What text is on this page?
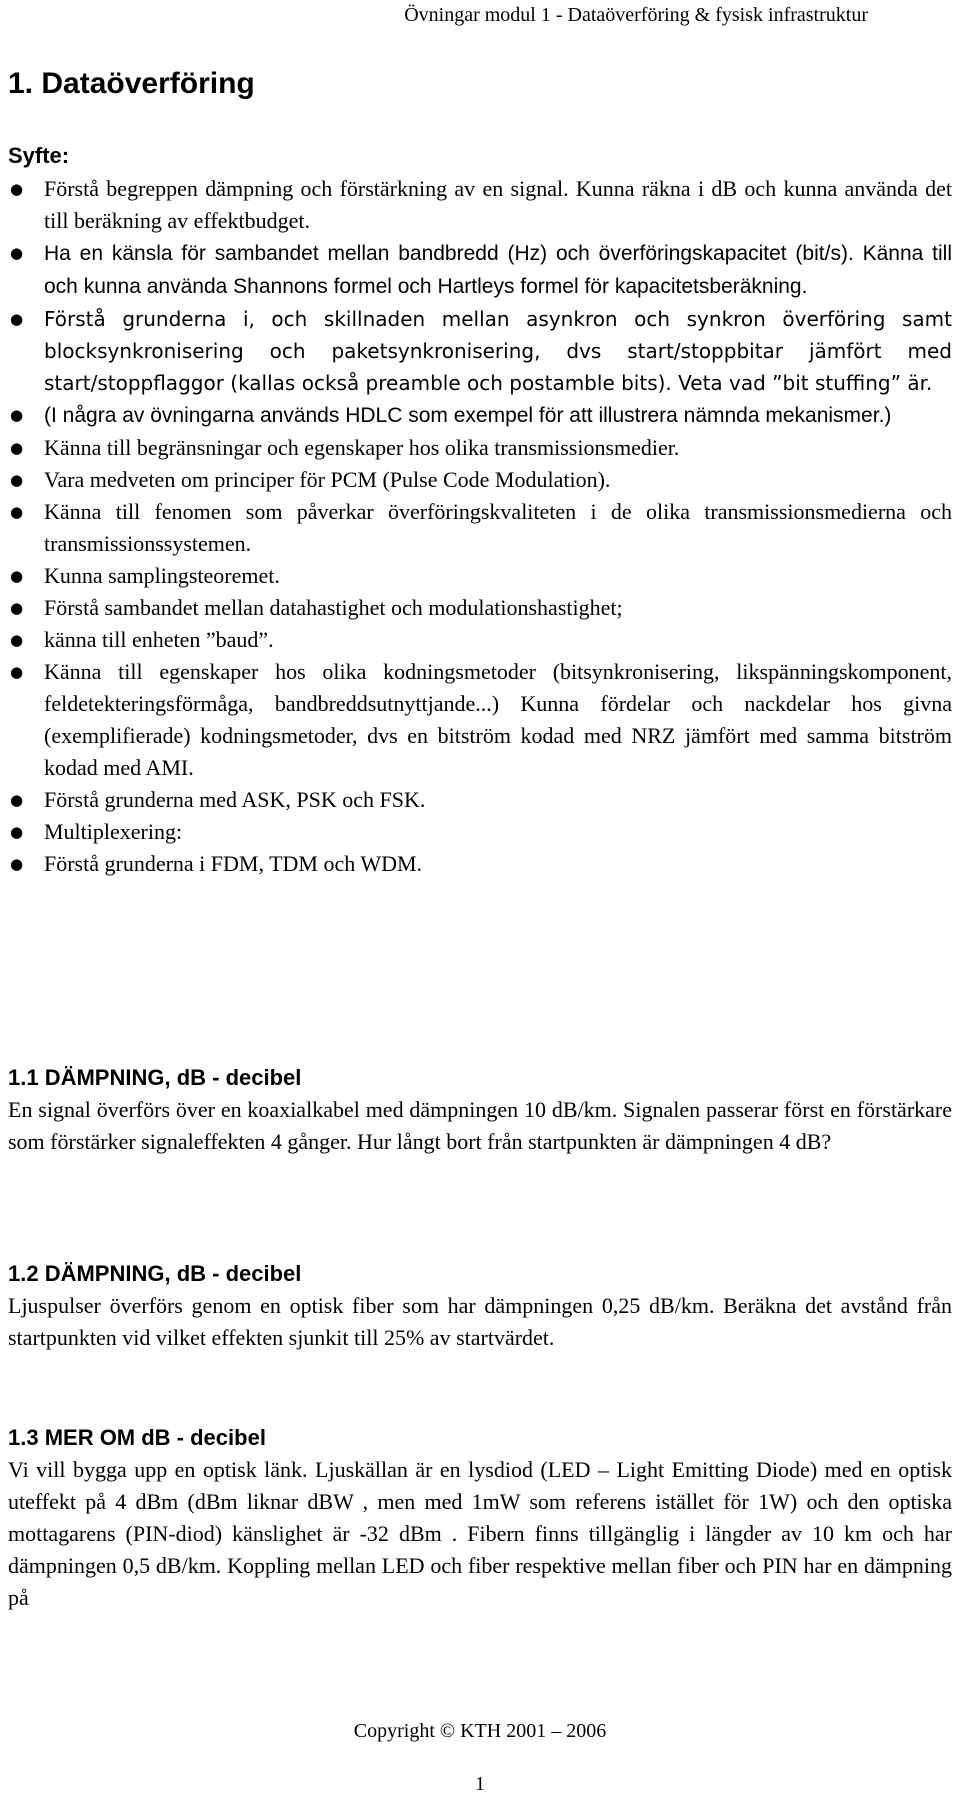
Övningar modul 1 - Dataöverföring & fysisk infrastruktur
1. Dataöverföring
Syfte:
● Förstå begreppen dämpning och förstärkning av en signal. Kunna räkna i dB och kunna använda det till beräkning av effektbudget.
● Ha en känsla för sambandet mellan bandbredd (Hz) och överföringskapacitet (bit/s). Känna till och kunna använda Shannons formel och Hartleys formel för kapacitetsberäkning.
●	Förstå grunderna i, och skillnaden mellan asynkron och synkron överföring samt blocksynkronisering och paketsynkronisering, dvs start/stoppbitar jämfört med start/stoppflaggor (kallas också preamble och postamble bits). Veta vad ”bit stuffing” är.
● (I några av övningarna används HDLC som exempel för att illustrera nämnda mekanismer.)
● Känna till begränsningar och egenskaper hos olika transmissionsmedier.
● Vara medveten om principer för PCM (Pulse Code Modulation).
● Känna till fenomen som påverkar överföringskvaliteten i de olika transmissionsmedierna och transmissionssystemen.
● Kunna samplingsteoremet.
● Förstå sambandet mellan datahastighet och modulationshastighet;
● känna till enheten ”baud”.
● Känna till egenskaper hos olika kodningsmetoder (bitsynkronisering, likspänningskomponent, feldetekteringsförmåga, bandbreddsutnyttjande...) Kunna fördelar och nackdelar hos givna (exemplifierade) kodningsmetoder, dvs en bitström kodad med NRZ jämfört med samma bitström kodad med AMI.
● Förstå grunderna med ASK, PSK och FSK.
● Multiplexering:
● Förstå grunderna i FDM, TDM och WDM.
1.1 DÄMPNING, dB - decibel
En signal överförs över en koaxialkabel med dämpningen 10 dB/km. Signalen passerar först en förstärkare som förstärker signaleffekten 4 gånger. Hur långt bort från startpunkten är dämpningen 4 dB?
1.2 DÄMPNING, dB - decibel
Ljuspulser överförs genom en optisk fiber som har dämpningen 0,25 dB/km. Beräkna det avstånd från startpunkten vid vilket effekten sjunkit till 25% av startvärdet.
1.3 MER OM dB - decibel
Vi vill bygga upp en optisk länk. Ljuskällan är en lysdiod (LED – Light Emitting Diode) med en optisk uteffekt på 4 dBm (dBm liknar dBW , men med 1mW som referens istället för 1W) och den optiska mottagarens (PIN-diod) känslighet är -32 dBm . Fibern finns tillgänglig i längder av 10 km och har dämpningen 0,5 dB/km. Koppling mellan LED och fiber respektive mellan fiber och PIN har en dämpning på
Copyright © KTH 2001 – 2006
1
